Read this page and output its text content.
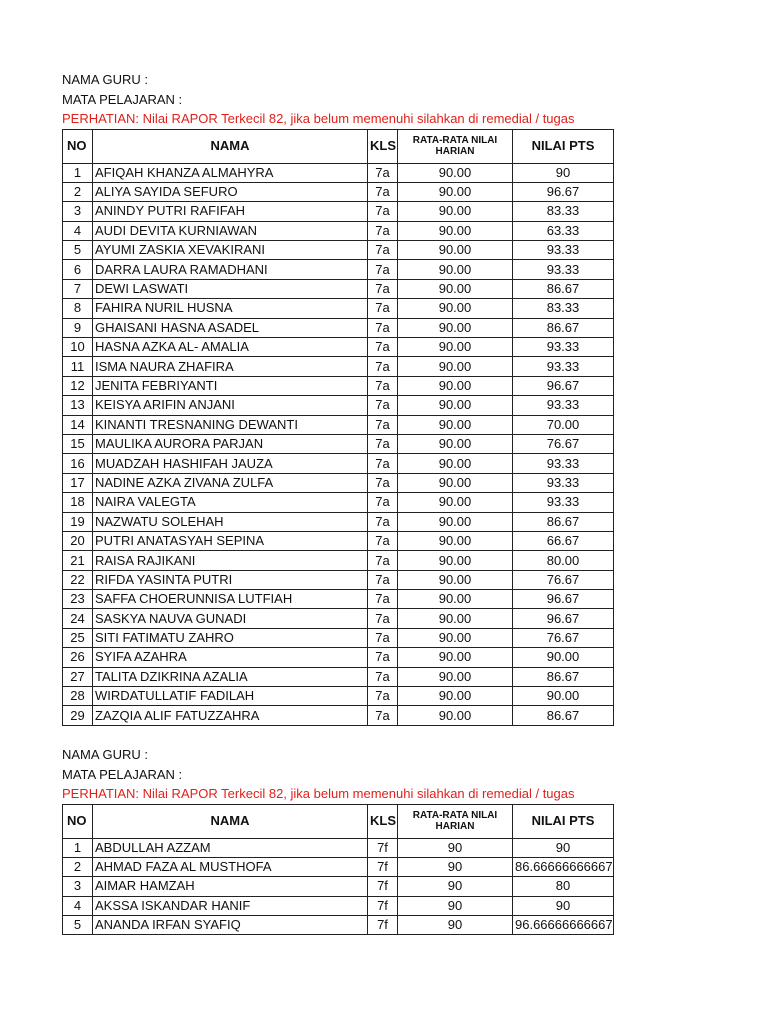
NAMA GURU :
MATA PELAJARAN :
PERHATIAN: Nilai RAPOR Terkecil 82, jika belum memenuhi silahkan di remedial / tugas
NO	NAMA	KLS	RATA-RATA NILAI HARIAN	NILAI PTS
1	AFIQAH KHANZA ALMAHYRA	7a	90.00	90
2	ALIYA SAYIDA SEFURO	7a	90.00	96.67
3	ANINDY PUTRI RAFIFAH	7a	90.00	83.33
4	AUDI DEVITA KURNIAWAN	7a	90.00	63.33
5	AYUMI ZASKIA XEVAKIRANI	7a	90.00	93.33
6	DARRA LAURA RAMADHANI	7a	90.00	93.33
7	DEWI LASWATI	7a	90.00	86.67
8	FAHIRA NURIL HUSNA	7a	90.00	83.33
9	GHAISANI HASNA ASADEL	7a	90.00	86.67
10	HASNA AZKA AL- AMALIA	7a	90.00	93.33
11	ISMA NAURA ZHAFIRA	7a	90.00	93.33
12	JENITA FEBRIYANTI	7a	90.00	96.67
13	KEISYA ARIFIN ANJANI	7a	90.00	93.33
14	KINANTI TRESNANING DEWANTI	7a	90.00	70.00
15	MAULIKA AURORA PARJAN	7a	90.00	76.67
16	MUADZAH HASHIFAH JAUZA	7a	90.00	93.33
17	NADINE AZKA ZIVANA ZULFA	7a	90.00	93.33
18	NAIRA VALEGTA	7a	90.00	93.33
19	NAZWATU SOLEHAH	7a	90.00	86.67
20	PUTRI ANATASYAH SEPINA	7a	90.00	66.67
21	RAISA RAJIKANI	7a	90.00	80.00
22	RIFDA YASINTA PUTRI	7a	90.00	76.67
23	SAFFA CHOERUNNISA LUTFIAH	7a	90.00	96.67
24	SASKYA NAUVA GUNADI	7a	90.00	96.67
25	SITI FATIMATU ZAHRO	7a	90.00	76.67
26	SYIFA AZAHRA	7a	90.00	90.00
27	TALITA DZIKRINA AZALIA	7a	90.00	86.67
28	WIRDATULLATIF FADILAH	7a	90.00	90.00
29	ZAZQIA ALIF FATUZZAHRA	7a	90.00	86.67
NAMA GURU :
MATA PELAJARAN :
PERHATIAN: Nilai RAPOR Terkecil 82, jika belum memenuhi silahkan di remedial / tugas
NO	NAMA	KLS	RATA-RATA NILAI HARIAN	NILAI PTS
1	ABDULLAH AZZAM	7f	90	90
2	AHMAD FAZA AL MUSTHOFA	7f	90	86.66666666667
3	AIMAR HAMZAH	7f	90	80
4	AKSSA ISKANDAR HANIF	7f	90	90
5	ANANDA IRFAN SYAFIQ	7f	90	96.66666666667
